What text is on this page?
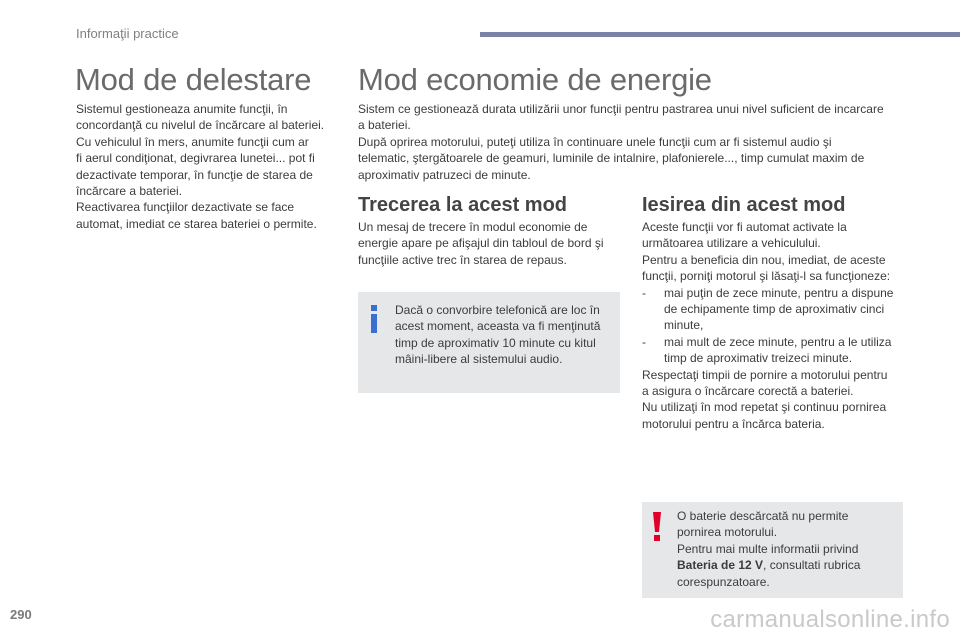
Informaţii practice
Mod de delestare

Sistemul gestioneaza anumite funcţii, în

concordanţă cu nivelul de încărcare al bateriei.

Cu vehiculul în mers, anumite funcţii cum ar

fi aerul condiţionat, degivrarea lunetei... pot fi

dezactivate temporar, în funcţie de starea de

încărcare a bateriei.

Reactivarea funcţiilor dezactivate se face

automat, imediat ce starea bateriei o permite.

Mod economie de energie

Sistem ce gestionează durata utilizării unor funcţii pentru pastrarea unui nivel suficient de incarcare

a bateriei.

După oprirea motorului, puteţi utiliza în continuare unele funcţii cum ar fi sistemul audio şi

telematic, ştergătoarele de geamuri, luminile de intalnire, plafonierele..., timp cumulat maxim de

aproximativ patruzeci de minute.

Trecerea la acest mod

Un mesaj de trecere în modul economie de

energie apare pe afişajul din tabloul de bord şi

funcţiile active trec în starea de repaus.

Dacă o convorbire telefonică are loc în

acest moment, aceasta va fi menţinută

timp de aproximativ 10 minute cu kitul

mâini-libere al sistemului audio.

Iesirea din acest mod

Aceste funcţii vor fi automat activate la

următoarea utilizare a vehiculului.

Pentru a beneficia din nou, imediat, de aceste

funcţii, porniţi motorul şi lăsaţi-l sa funcţioneze:

- mai puţin de zece minute, pentru a dispune

de echipamente timp de aproximativ cinci

minute,

- mai mult de zece minute, pentru a le utiliza

timp de aproximativ treizeci minute.

Respectaţi timpii de pornire a motorului pentru

a asigura o încărcare corectă a bateriei.

Nu utilizaţi în mod repetat şi continuu pornirea

motorului pentru a încărca bateria.

O baterie descărcată nu permite

pornirea motorului.

Pentru mai multe informatii privind

Bateria de 12 V, consultati rubrica

corespunzatoare.

290	carmanualsonline.info
